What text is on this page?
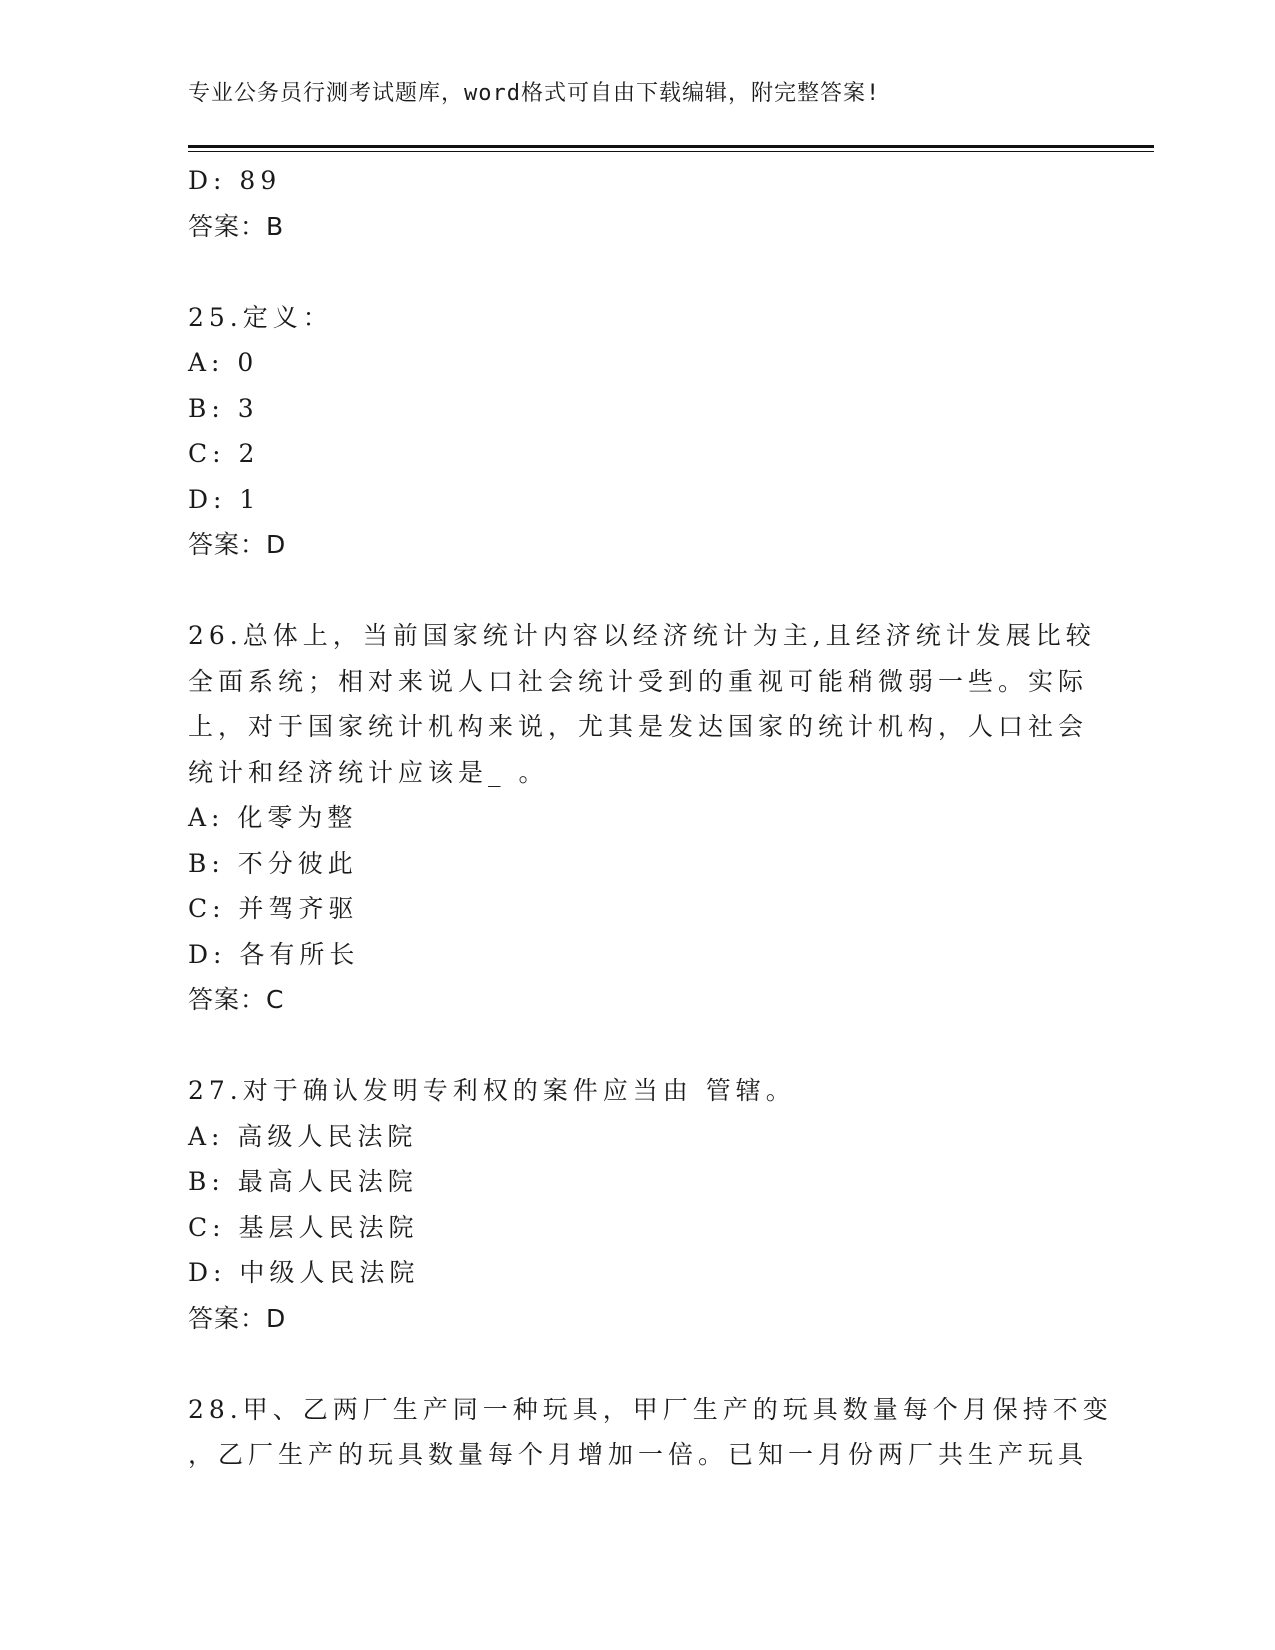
专业公务员行测考试题库，word格式可自由下载编辑，附完整答案!
D: 89
答案：B
25.定义：
A: 0
B: 3
C: 2
D: 1
答案：D
26.总体上，当前国家统计内容以经济统计为主,且经济统计发展比较
全面系统；相对来说人口社会统计受到的重视可能稍微弱一些。实际
上，对于国家统计机构来说，尤其是发达国家的统计机构，人口社会
统计和经济统计应该是_ 。
A: 化零为整
B: 不分彼此
C: 并驾齐驱
D: 各有所长
答案：C
27.对于确认发明专利权的案件应当由 管辖。
A: 高级人民法院
B: 最高人民法院
C: 基层人民法院
D: 中级人民法院
答案：D
28.甲、乙两厂生产同一种玩具，甲厂生产的玩具数量每个月保持不变
，乙厂生产的玩具数量每个月增加一倍。已知一月份两厂共生产玩具
